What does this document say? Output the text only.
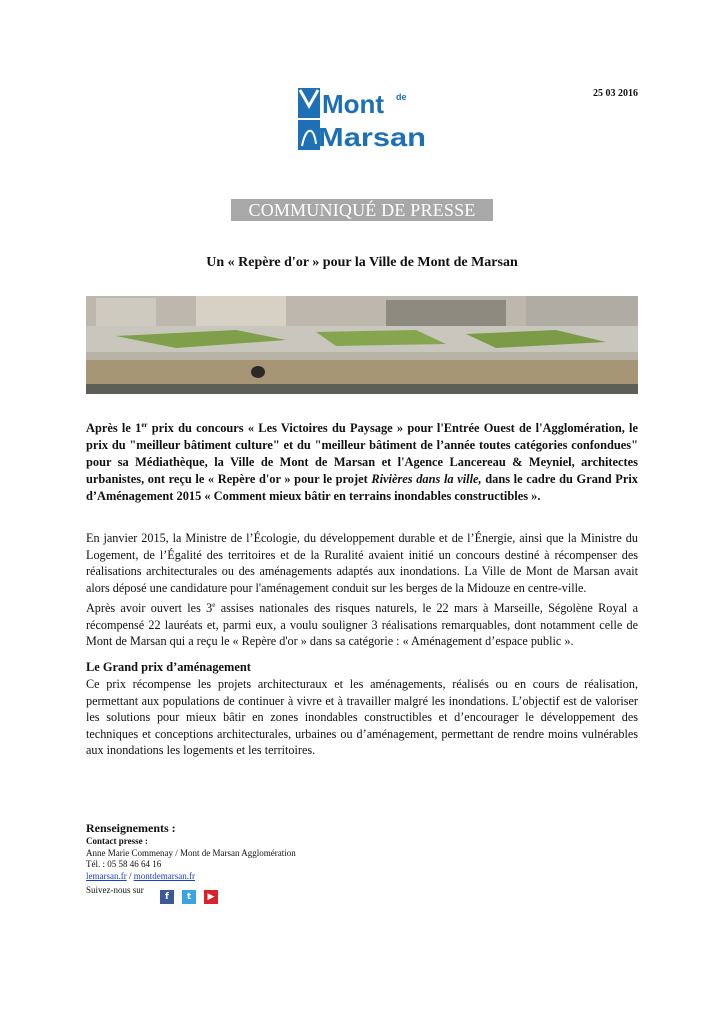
25 03 2016
Mont de
Marsan
COMMUNIQUÉ DE PRESSE
Un « Repère d'or » pour la Ville de Mont de Marsan
Après le 1er prix du concours « Les Victoires du Paysage » pour l'Entrée Ouest de l'Agglomération, le prix du "meilleur bâtiment culture" et du "meilleur bâtiment de l’année toutes catégories confondues" pour sa Médiathèque, la Ville de Mont de Marsan et l'Agence Lancereau & Meyniel, architectes urbanistes, ont reçu le « Repère d'or » pour le projet Rivières dans la ville, dans le cadre du Grand Prix d’Aménagement 2015 « Comment mieux bâtir en terrains inondables constructibles ».
En janvier 2015, la Ministre de l’Écologie, du développement durable et de l’Énergie, ainsi que la Ministre du Logement, de l’Égalité des territoires et de la Ruralité avaient initié un concours destiné à récompenser des réalisations architecturales ou des aménagements adaptés aux inondations. La Ville de Mont de Marsan avait alors déposé une candidature pour l'aménagement conduit sur les berges de la Midouze en centre-ville.
Après avoir ouvert les 3e assises nationales des risques naturels, le 22 mars à Marseille, Ségolène Royal a récompensé 22 lauréats et, parmi eux, a voulu souligner 3 réalisations remarquables, dont notamment celle de Mont de Marsan qui a reçu le « Repère d'or » dans sa catégorie : « Aménagement d’espace public ».
Le Grand prix d’aménagement
Ce prix récompense les projets architecturaux et les aménagements, réalisés ou en cours de réalisation, permettant aux populations de continuer à vivre et à travailler malgré les inondations. L’objectif est de valoriser les solutions pour mieux bâtir en zones inondables constructibles et d’encourager le développement des techniques et conceptions architecturales, urbaines ou d’aménagement, permettant de rendre moins vulnérables aux inondations les logements et les territoires.
Renseignements :
Contact presse :
Anne Marie Commenay / Mont de Marsan Agglomération
Tél. : 05 58 46 64 16
lemarsan.fr / montdemarsan.fr
Suivez-nous sur
f	t	▶
